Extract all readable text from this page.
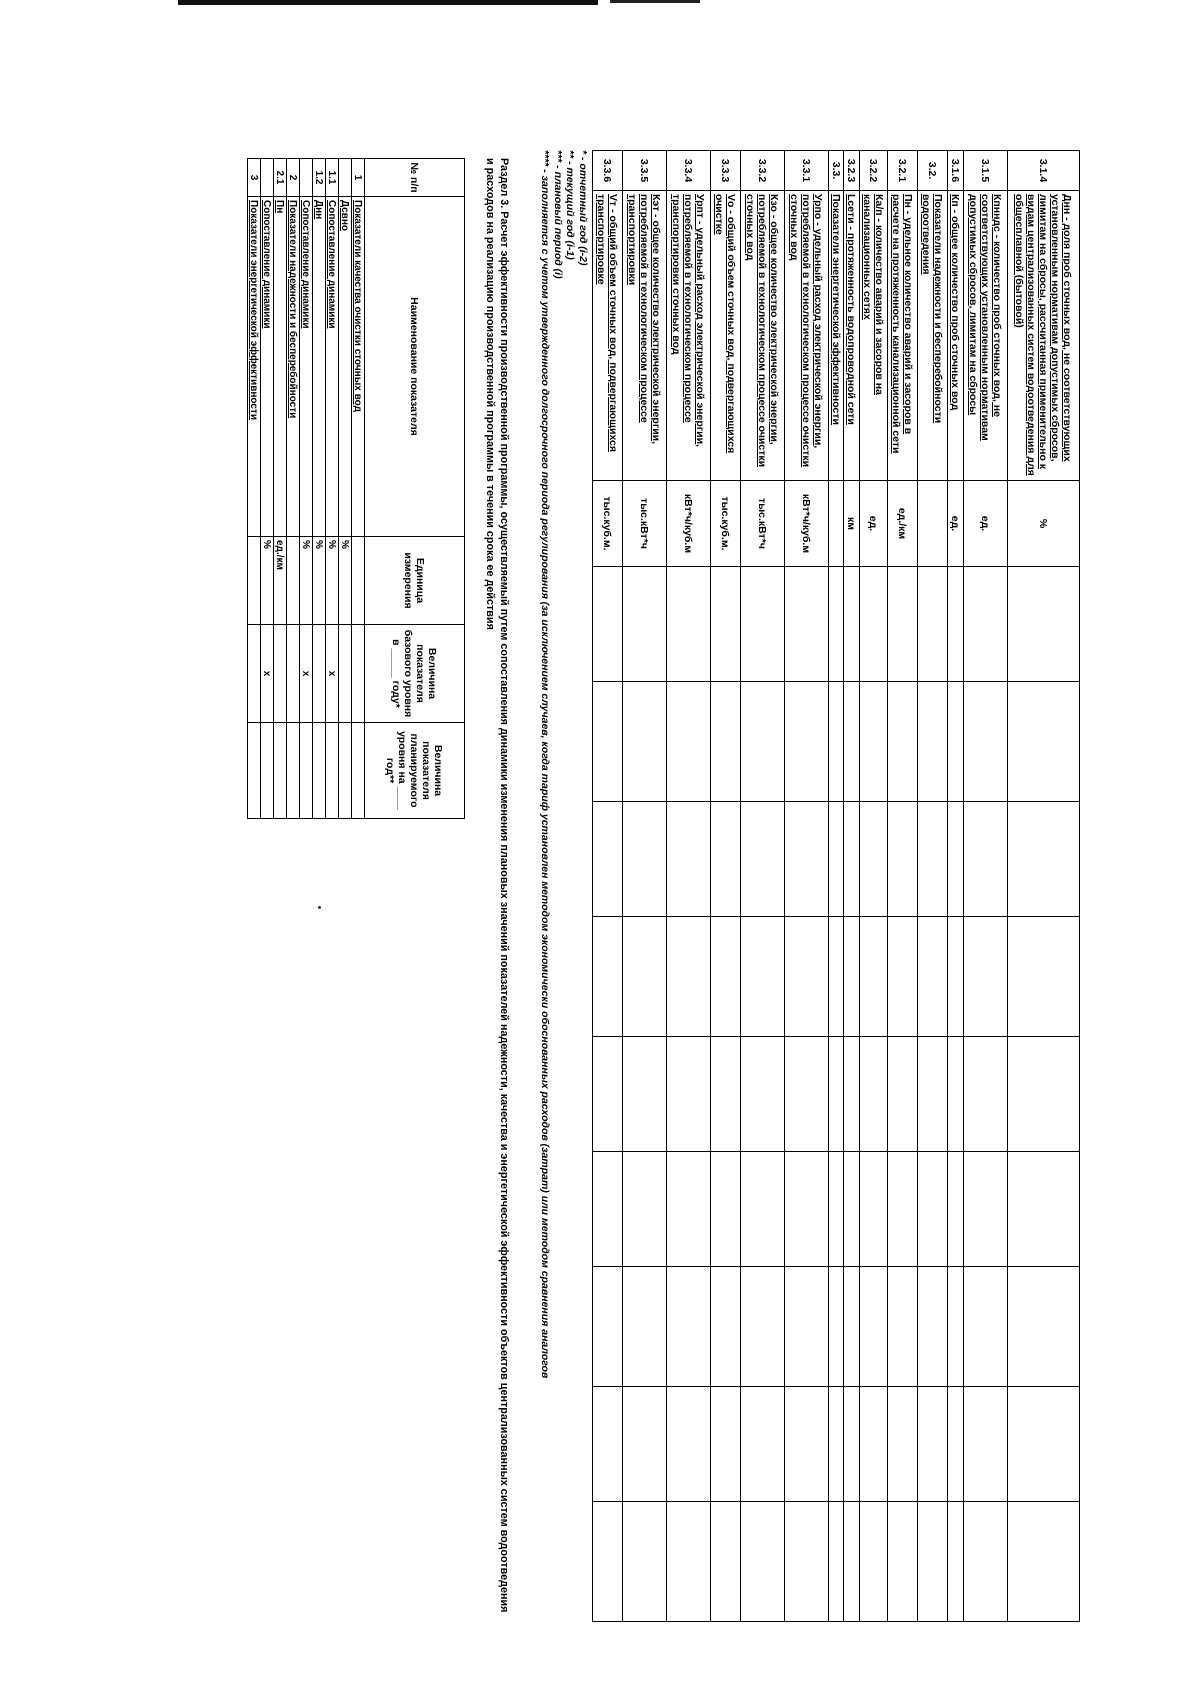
3.1.4	Днн - доля проб сточных вод, не соответствующих установленным нормативам допустимых сбросов, лимитам на сбросы, рассчитанная применительно к видам централизованных систем водоотведения для общесплавной (бытовой)	%									
3.1.5	Кпнндс - количество проб сточных вод, не соответствующих установленным нормативам допустимых сбросов, лимитам на сбросы	ед.									
3.1.6	Кп - общее количество проб сточных вод	ед.									
3.2.	Показатели надежности и бесперебойности водоотведения										
3.2.1	Пн - удельное количество аварий и засоров в расчете на протяженность канализационной сети	ед./км									
3.2.2	Ка/п - количество аварий и засоров на канализационных сетях	ед.									
3.2.3	Lсети - протяженность водопроводной сети	км									
3.3.	Показатели энергетической эффективности										
3.3.1	Урпо - удельный расход электрической энергии, потребляемой в технологическом процессе очистки сточных вод	кВт*ч/куб.м									
3.3.2	Кзо - общее количество электрической энергии, потребляемой в технологическом процессе очистки сточных вод	тыс.кВт*ч									
3.3.3	Vо - общий объем сточных вод, подвергающихся очистке	тыс.куб.м.									
3.3.4	Урпт - удельный расход электрической энергии, потребляемой в технологическом процессе транспортировки сточных вод	кВт*ч/куб.м									
3.3.5	Кэт - общее количество электрической энергии, потребляемой в технологическом процессе транспортировки	тыс.кВт*ч									
3.3.6	Vт - общий объем сточных вод, подвергающихся транспортировке	тыс.куб.м.									
* - отчетный год (i-2)
** - текущий год (i-1)
*** - плановый период (i)
**** - заполняется с учетом утвержденного долгосрочного периода регулирования (за исключением случаев, когда тариф установлен методом экономически обоснованных расходов (затрат) или методом сравнения аналогов
Раздел 3. Расчет эффективности производственной программы, осуществляемый путем сопоставления динамики изменения плановых значений показателей надежности, качества и энергетической эффективности объектов централизованных систем водоотведения и расходов на реализацию производственной программы в течении срока ее действия
№ п/п	Наименование показателя	Единица измерения	Величина показателя базового уровня в _____ году*	Величина показателя планируемого уровня на ____ год**
1	Показатели качества очистки сточных вод			
	Дсвно	%		
1.1	Сопоставление динамики	%	x	
1.2	Днн	%		
	Сопоставление динамики	%	x	
2	Показатели надежности и бесперебойности			
2.1	Пн	ед./км		
	Сопоставление динамики	%	x	
3	Показатели энергетической эффективности			
